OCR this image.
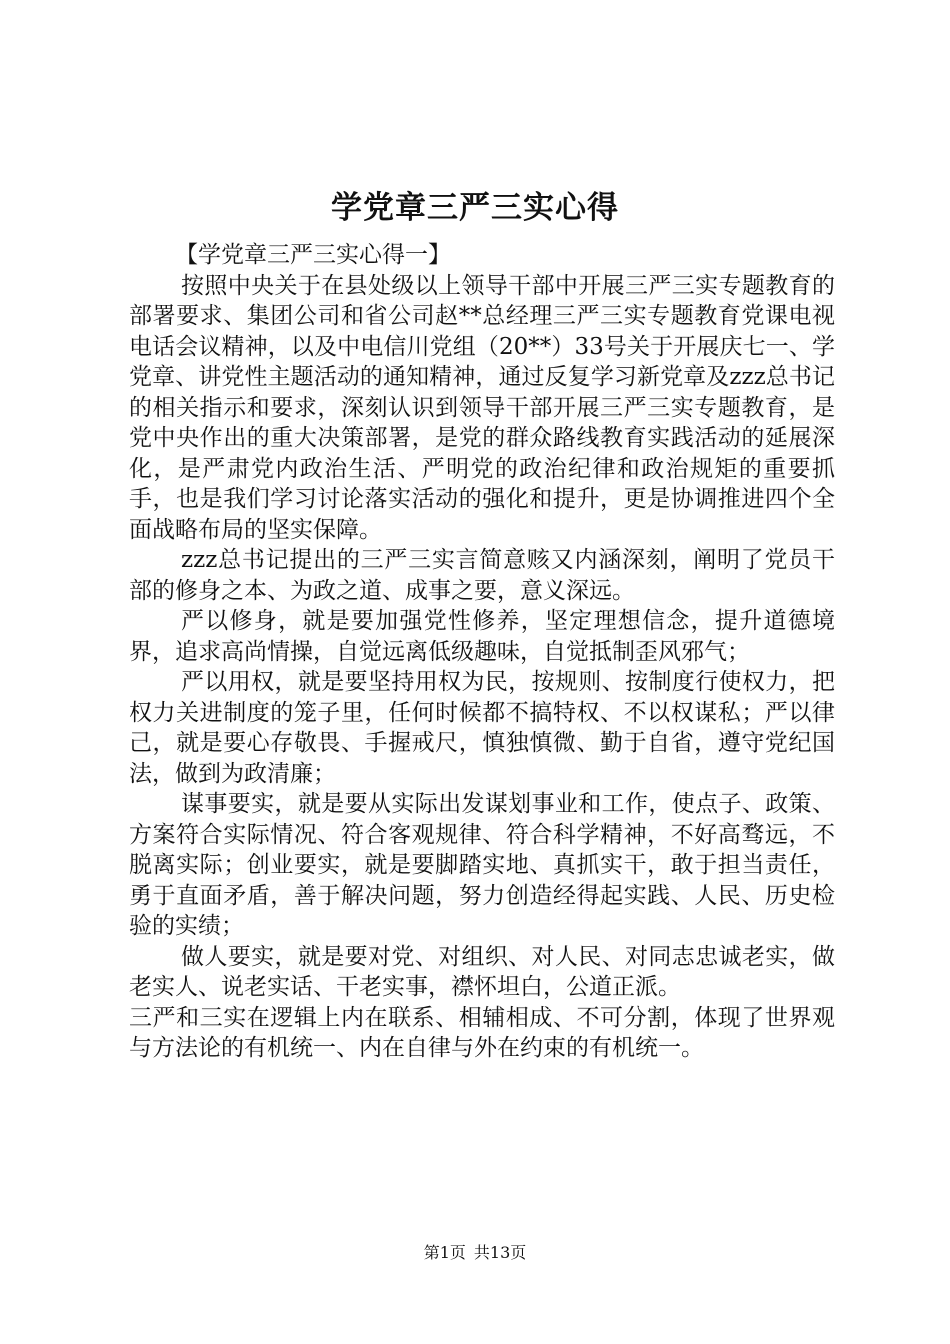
学党章三严三实心得

【学党章三严三实心得一】

按照中央关于在县处级以上领导干部中开展三严三实专题教育的部署要求、集团公司和省公司赵**总经理三严三实专题教育党课电视电话会议精神，以及中电信川党组（20**）33号关于开展庆七一、学党章、讲党性主题活动的通知精神，通过反复学习新党章及zzz总书记的相关指示和要求，深刻认识到领导干部开展三严三实专题教育，是党中央作出的重大决策部署，是党的群众路线教育实践活动的延展深化，是严肃党内政治生活、严明党的政治纪律和政治规矩的重要抓手，也是我们学习讨论落实活动的强化和提升，更是协调推进四个全面战略布局的坚实保障。

zzz总书记提出的三严三实言简意赅又内涵深刻，阐明了党员干部的修身之本、为政之道、成事之要，意义深远。

严以修身，就是要加强党性修养，坚定理想信念，提升道德境界，追求高尚情操，自觉远离低级趣味，自觉抵制歪风邪气；

严以用权，就是要坚持用权为民，按规则、按制度行使权力，把权力关进制度的笼子里，任何时候都不搞特权、不以权谋私；严以律己，就是要心存敬畏、手握戒尺，慎独慎微、勤于自省，遵守党纪国法，做到为政清廉；

谋事要实，就是要从实际出发谋划事业和工作，使点子、政策、方案符合实际情况、符合客观规律、符合科学精神，不好高骛远，不脱离实际；创业要实，就是要脚踏实地、真抓实干，敢于担当责任，勇于直面矛盾，善于解决问题，努力创造经得起实践、人民、历史检验的实绩；

做人要实，就是要对党、对组织、对人民、对同志忠诚老实，做老实人、说老实话、干老实事，襟怀坦白，公道正派。

三严和三实在逻辑上内在联系、相辅相成、不可分割，体现了世界观与方法论的有机统一、内在自律与外在约束的有机统一。

第1页 共13页
